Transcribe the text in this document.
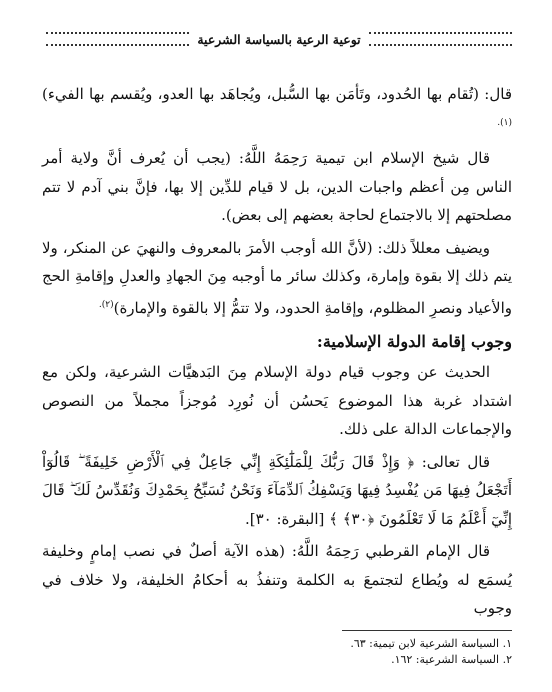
توعية الرعية بالسياسة الشرعية

قال: (تُقام بها الحُدود، وتَأمَن بها السُّبل، ويُجاهَد بها العدو، ويُقسم بها الفيء)$^{(١).}$

قال شيخ الإسلام ابن تيمية رَحِمَهُ اللَّهُ: (يجب أن يُعرف أنَّ ولاية أمر الناس مِن أعظم واجبات الدين، بل لا قيام للدِّين إلا بها، فإنَّ بني آدم لا تتم مصلحتهم إلا بالاجتماع لحاجة بعضهم إلى بعض).

ويضيف معللاً ذلك: (لأنَّ الله أوجب الأمرَ بالمعروف والنهيَ عن المنكر، ولا يتم ذلك إلا بقوة وإمارة، وكذلك سائر ما أوجبه مِنَ الجهادِ والعدلِ وإقامةِ الحج والأعياد ونصرِ المظلوم، وإقامةِ الحدود، ولا تتمُّ إلا بالقوة والإمارة)$^{(٢).}$

وجوب إقامة الدولة الإسلامية:

الحديث عن وجوب قيام دولة الإسلام مِنَ البَدهيَّات الشرعية، ولكن مع اشتداد غربة هذا الموضوع يَحسُن أن نُورِد مُوجزاً مجملاً من النصوص والإجماعات الدالة على ذلك.

قال تعالى: ﴿ وَإِذْ قَالَ رَبُّكَ لِلْمَلَٰٓئِكَةِ إِنِّي جَاعِلٌ فِي ٱلْأَرْضِ خَلِيفَةً ۖ قَالُوٓاْ أَتَجْعَلُ فِيهَا مَن يُفْسِدُ فِيهَا وَيَسْفِكُ ٱلدِّمَآءَ وَنَحْنُ نُسَبِّحُ بِحَمْدِكَ وَنُقَدِّسُ لَكَ ۖ قَالَ إِنِّيٓ أَعْلَمُ مَا لَا تَعْلَمُونَ ﴿٣٠﴾ ﴾ [البقرة: ٣٠].

قال الإمام القرطبي رَحِمَهُ اللَّهُ: (هذه الآية أصلٌ في نصب إمامٍ وخليفة يُسمَع له ويُطاع لتجتمعَ به الكلمة وتنفذُ به أحكامُ الخليفة، ولا خلاف في وجوب

١. السياسة الشرعية لابن تيمية: ٦٣.

٢. السياسة الشرعية: ١٦٢.
